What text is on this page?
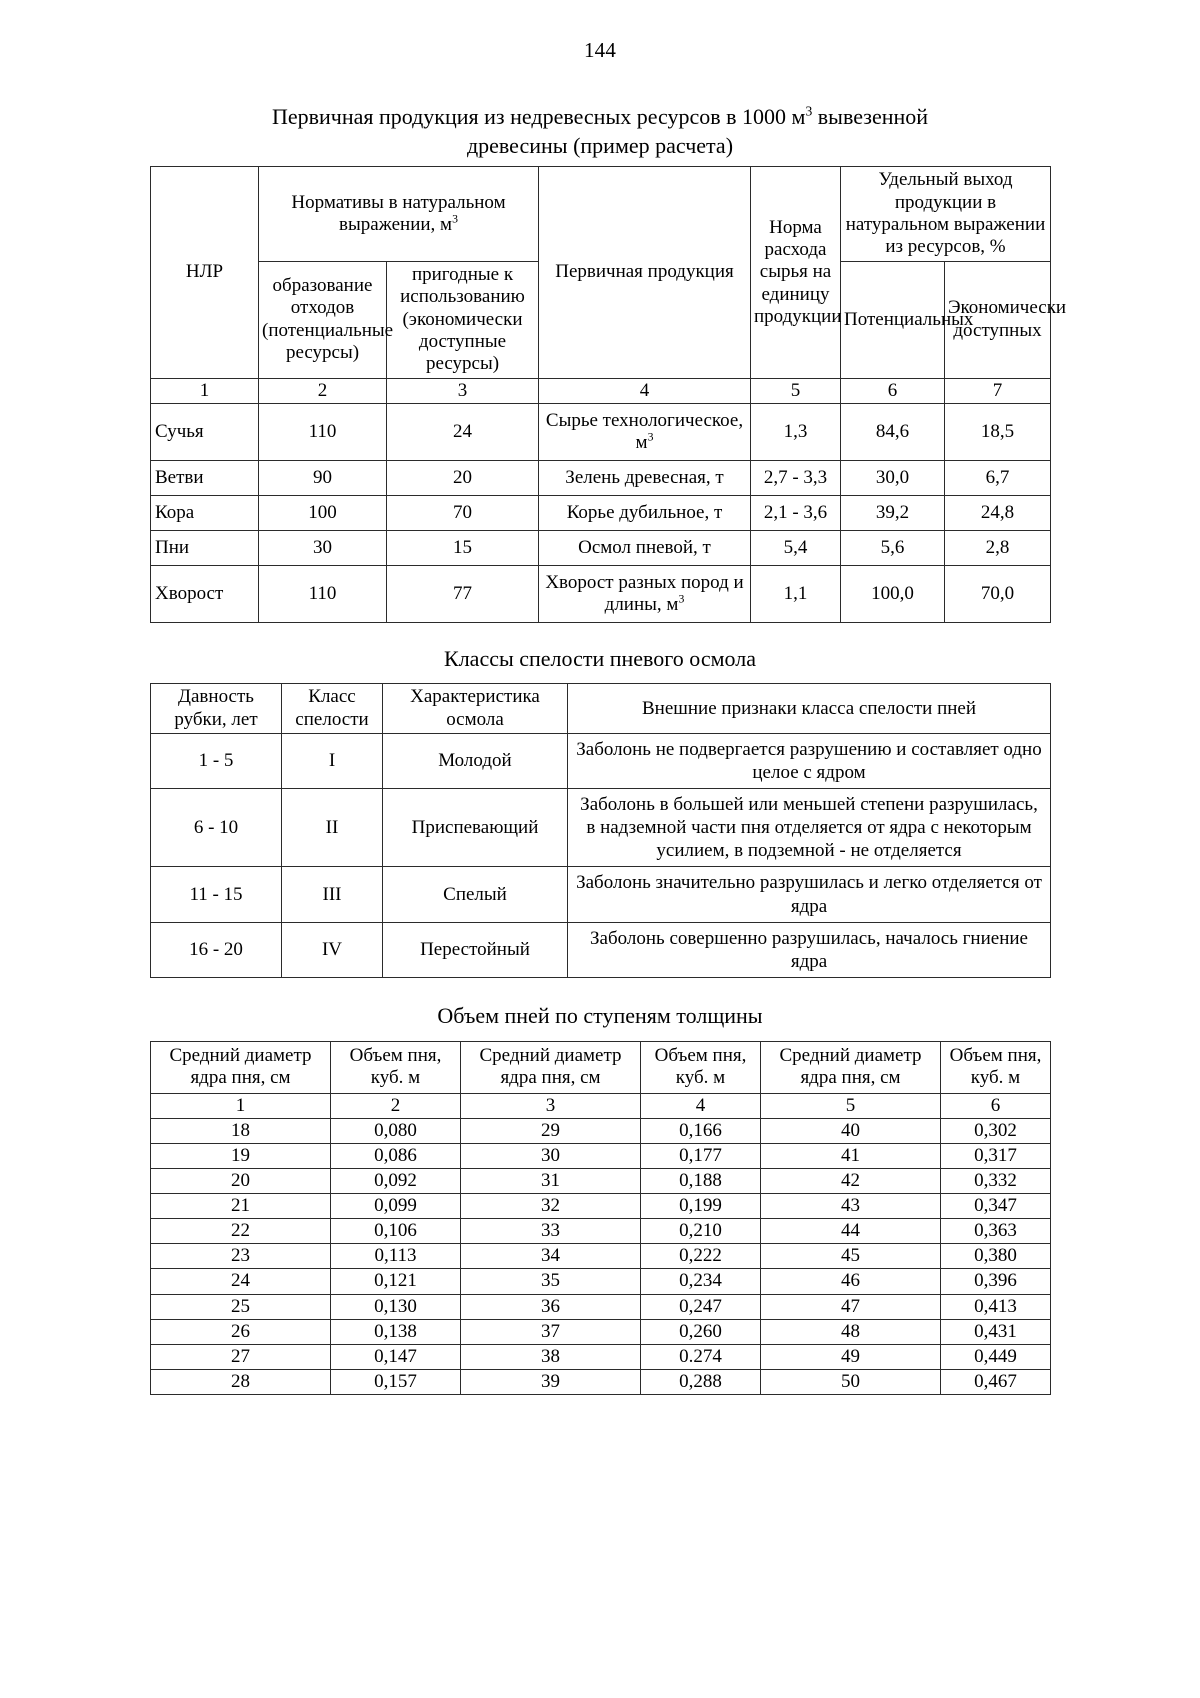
144
Первичная продукция из недревесных ресурсов в 1000 $м^3$ вывезенной
древесины (пример расчета)
НЛР	Нормативы в натуральном выражении, $м^3$		Первичная продукция	Норма расхода сырья на единицу продукции	Удельный выход продукции в натуральном выражении из ресурсов, %	
	образование отходов (потенциальные ресурсы)	пригодные к использованию (экономически доступные ресурсы)			Потенциальных	Экономически доступных
1	2	3	4	5	6	7
Сучья	110	24	Сырье технологическое, $м^3$	1,3	84,6	18,5
Ветви	90	20	Зелень древесная, т	2,7 - 3,3	30,0	6,7
Кора	100	70	Корье дубильное, т	2,1 - 3,6	39,2	24,8
Пни	30	15	Осмол пневой, т	5,4	5,6	2,8
Хворост	110	77	Хворост разных пород и длины, $м^3$	1,1	100,0	70,0
Классы спелости пневого осмола
Давность рубки, лет	Класс спелости	Характеристика осмола	Внешние признаки класса спелости пней
1 - 5	I	Молодой	Заболонь не подвергается разрушению и составляет одно целое с ядром
6 - 10	II	Приспевающий	Заболонь в большей или меньшей степени разрушилась, в надземной части пня отделяется от ядра с некоторым усилием, в подземной - не отделяется
11 - 15	III	Спелый	Заболонь значительно разрушилась и легко отделяется от ядра
16 - 20	IV	Перестойный	Заболонь совершенно разрушилась, началось гниение ядра
Объем пней по ступеням толщины
Средний диаметр ядра пня, см	Объем пня, куб. м	Средний диаметр ядра пня, см	Объем пня, куб. м	Средний диаметр ядра пня, см	Объем пня, куб. м
1	2	3	4	5	6
18	0,080	29	0,166	40	0,302
19	0,086	30	0,177	41	0,317
20	0,092	31	0,188	42	0,332
21	0,099	32	0,199	43	0,347
22	0,106	33	0,210	44	0,363
23	0,113	34	0,222	45	0,380
24	0,121	35	0,234	46	0,396
25	0,130	36	0,247	47	0,413
26	0,138	37	0,260	48	0,431
27	0,147	38	0.274	49	0,449
28	0,157	39	0,288	50	0,467
